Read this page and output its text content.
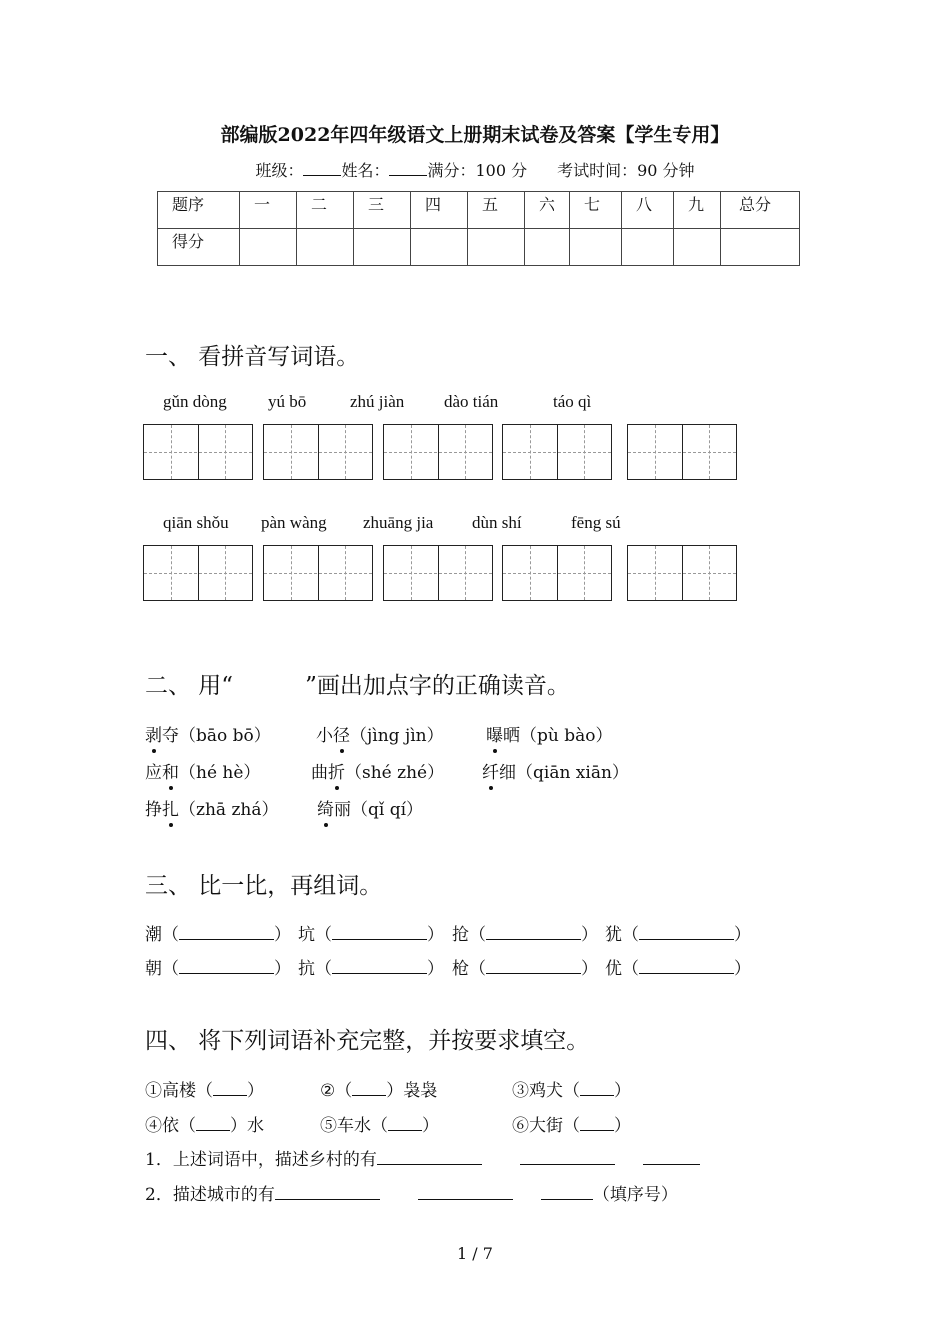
部编版2022年四年级语文上册期末试卷及答案【学生专用】
班级： 姓名： 满分：100 分 考试时间：90 分钟
题序	一	二	三	四	五	六	七	八	九	总分
得分										
一、 看拼音写词语。
gǔn dòng yú bō	zhú jiàn dào tián	táo qì
qiān shǒu pàn wàng zhuāng jia dùn shí	fēng sú
二、 用“	”画出加点字的正确读音。
剥夺（bāo bō）	小径（jìng jìn） 曝晒（pù bào）
应和（hé hè）	曲折（shé zhé） 纤细（qiān xiān）
挣扎（zhā zhá） 绮丽（qǐ qí）
三、 比一比，再组词。
潮（	） 坑（	） 抢（	） 犹（	）
朝（	） 抗（	） 枪（	） 优（	）
四、 将下列词语补充完整，并按要求填空。
①高楼（ ）	②（ ）袅袅	③鸡犬（ ）
④依（ ）水	⑤车水（ ）	⑥大街（ ）
1．上述词语中，描述乡村的有
2．描述城市的有	（填序号）
1 / 7
